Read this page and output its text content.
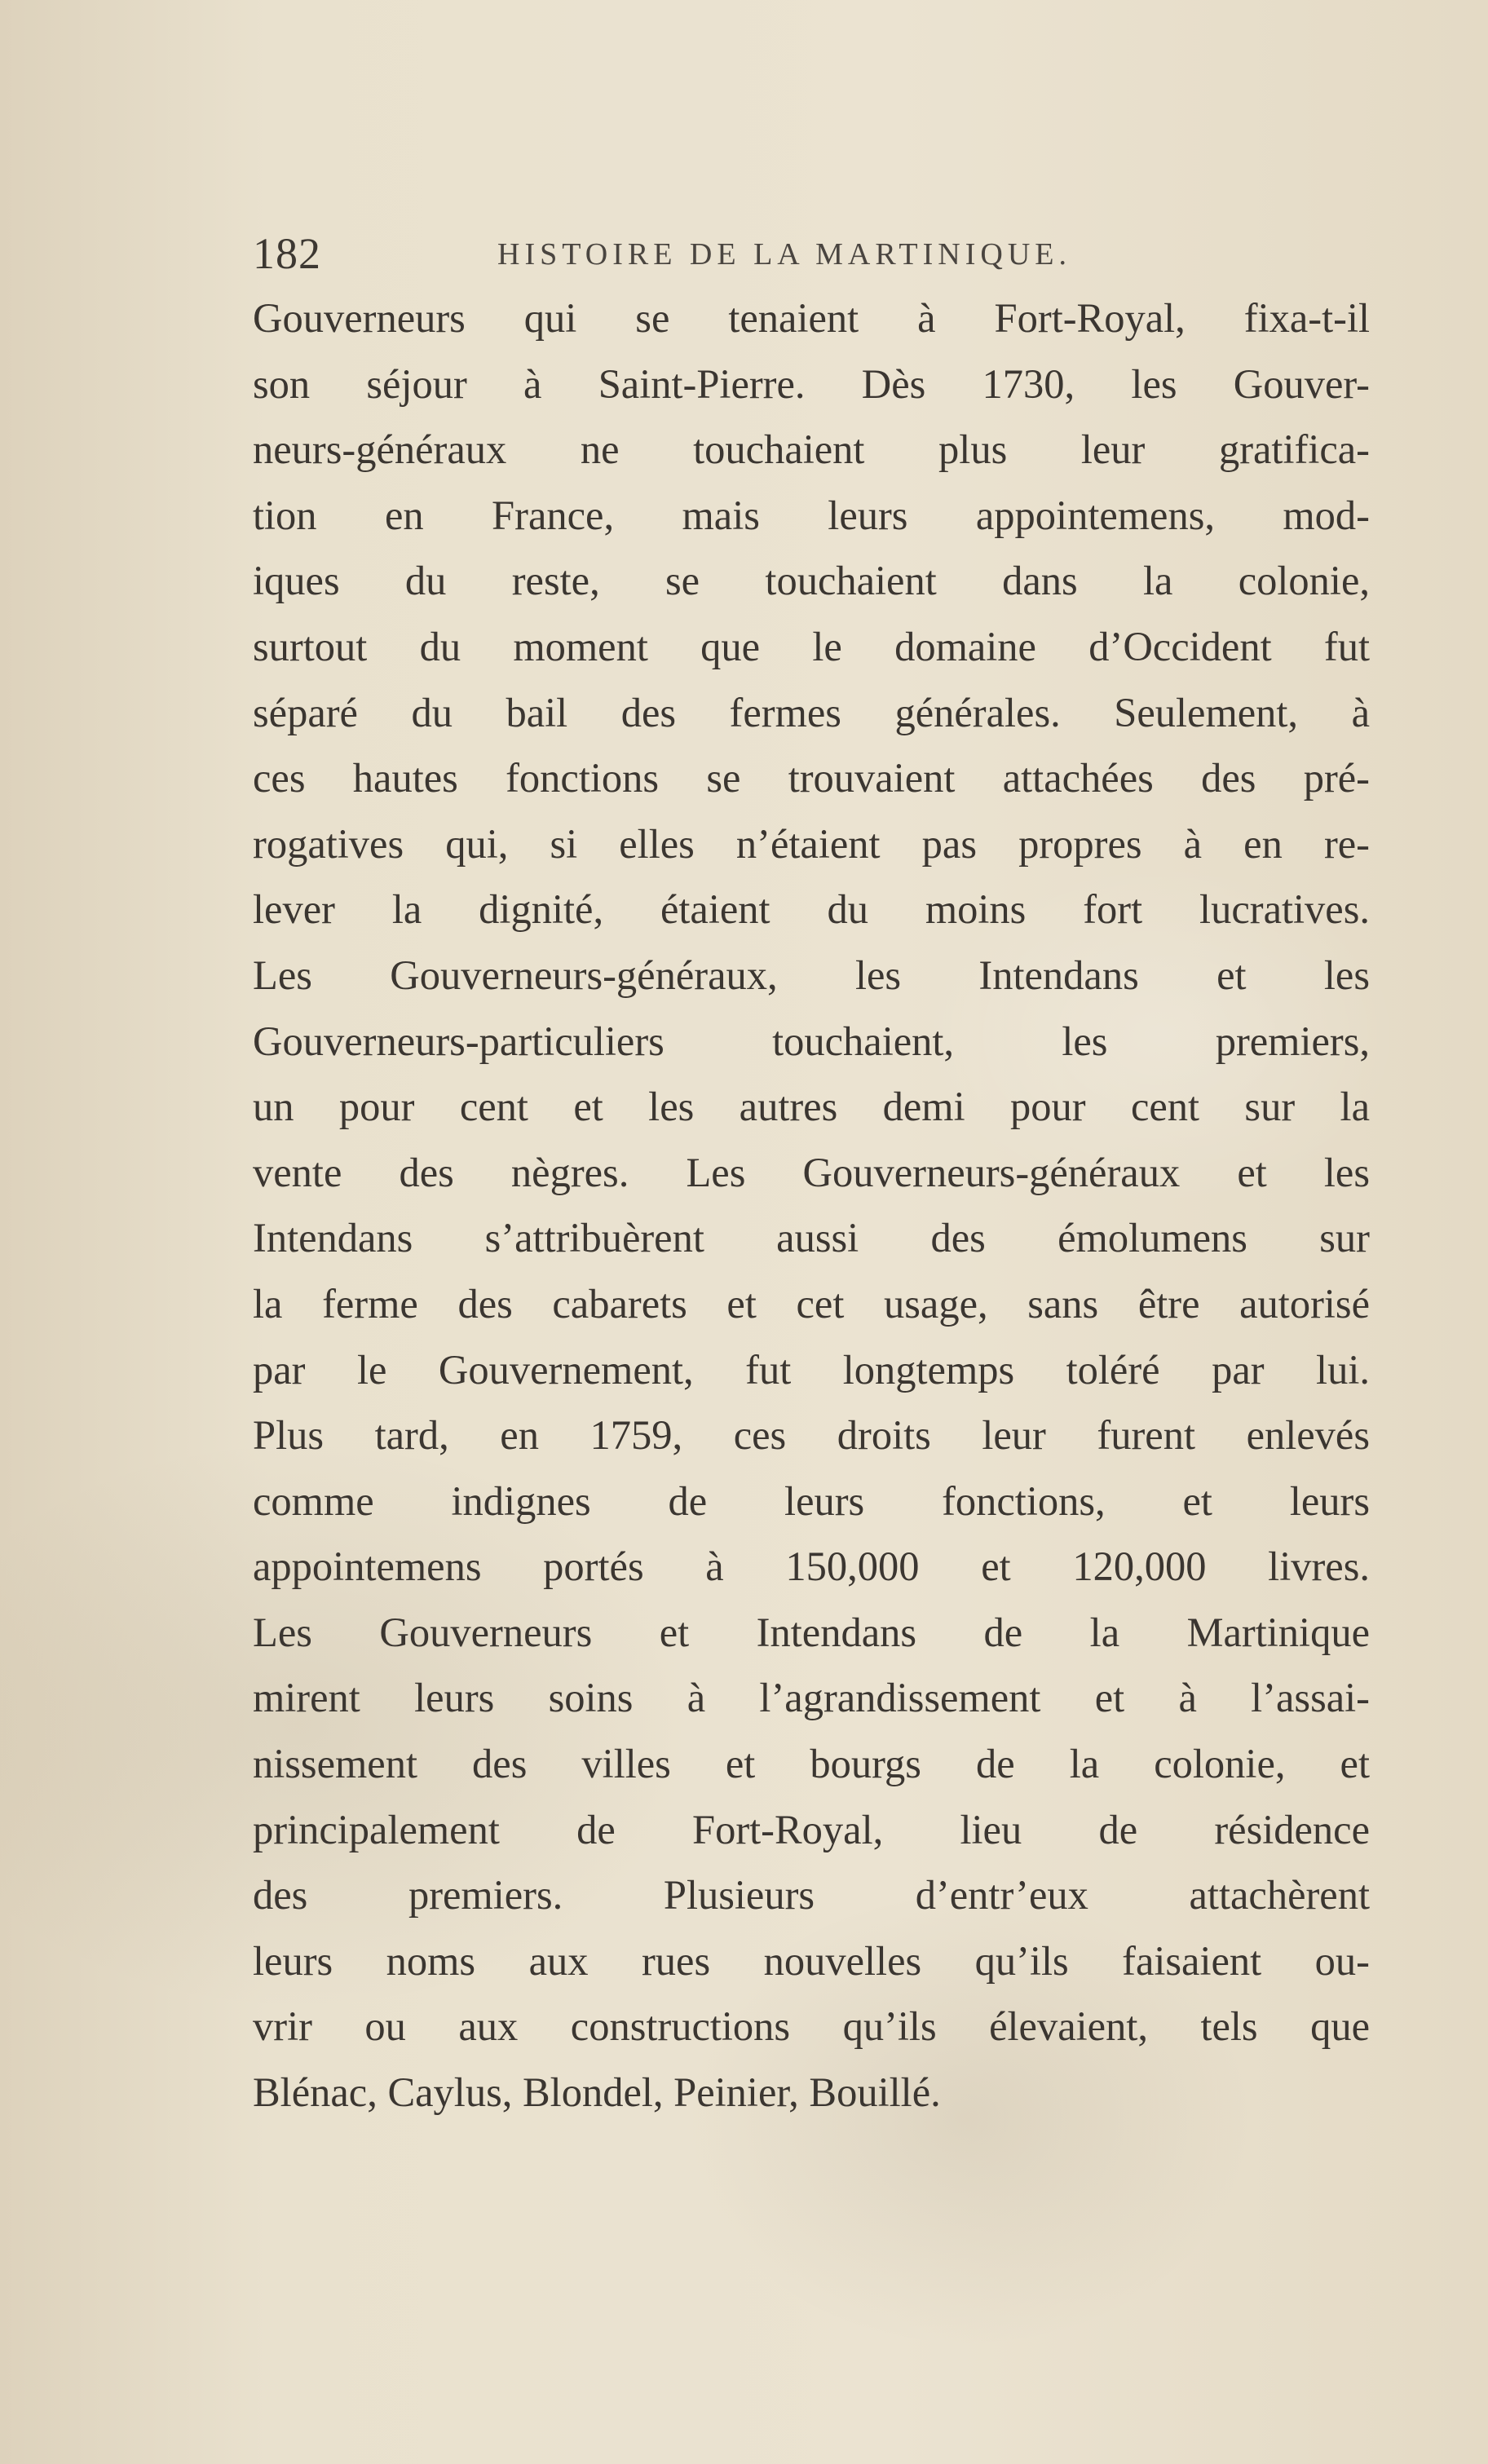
182	HISTOIRE DE LA MARTINIQUE.
Gouverneurs qui se tenaient à Fort-Royal, fixa-t-il
son séjour à Saint-Pierre. Dès 1730, les Gouver-
neurs-généraux ne touchaient plus leur gratifica-
tion en France, mais leurs appointemens, mod-
iques du reste, se touchaient dans la colonie,
surtout du moment que le domaine d’Occident fut
séparé du bail des fermes générales. Seulement, à
ces hautes fonctions se trouvaient attachées des pré-
rogatives qui, si elles n’étaient pas propres à en re-
lever la dignité, étaient du moins fort lucratives.
Les Gouverneurs-généraux, les Intendans et les
Gouverneurs-particuliers touchaient, les premiers,
un pour cent et les autres demi pour cent sur la
vente des nègres. Les Gouverneurs-généraux et les
Intendans s’attribuèrent aussi des émolumens sur
la ferme des cabarets et cet usage, sans être autorisé
par le Gouvernement, fut longtemps toléré par lui.
Plus tard, en 1759, ces droits leur furent enlevés
comme indignes de leurs fonctions, et leurs
appointemens portés à 150,000 et 120,000 livres.
Les Gouverneurs et Intendans de la Martinique
mirent leurs soins à l’agrandissement et à l’assai-
nissement des villes et bourgs de la colonie, et
principalement de Fort-Royal, lieu de résidence
des premiers. Plusieurs d’entr’eux attachèrent
leurs noms aux rues nouvelles qu’ils faisaient ou-
vrir ou aux constructions qu’ils élevaient, tels que
Blénac, Caylus, Blondel, Peinier, Bouillé.
